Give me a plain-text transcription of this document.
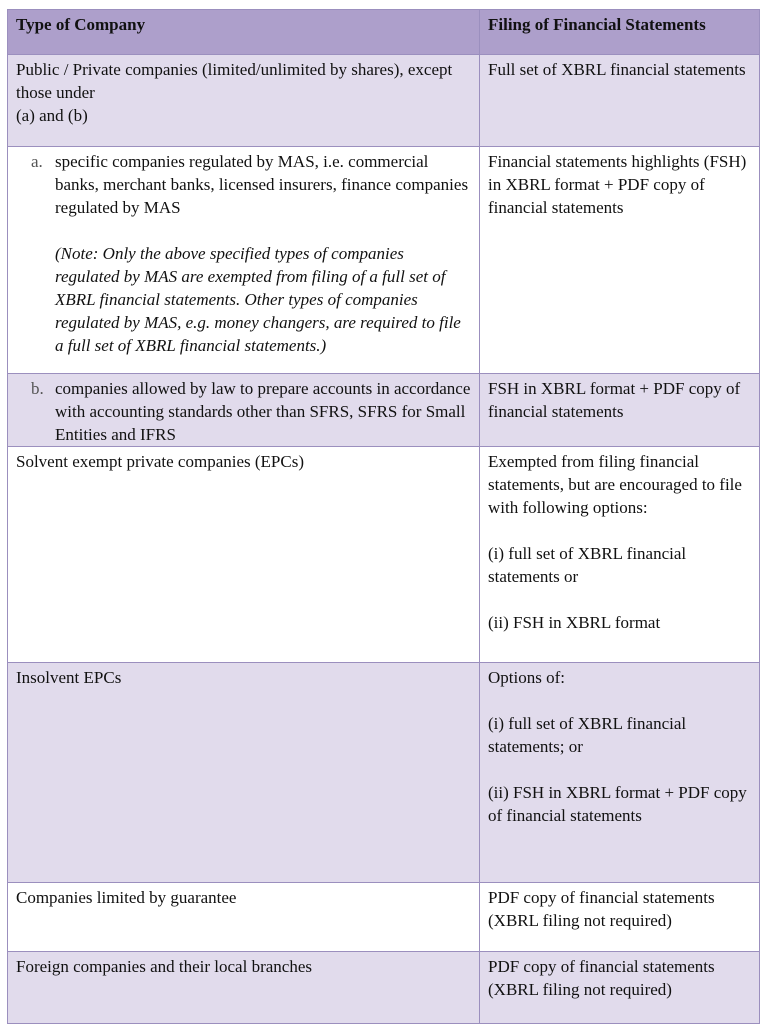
Type of Company	Filing of Financial Statements

Public / Private companies (limited/unlimited by shares), except those under
(a) and (b)	Full set of XBRL financial statements

a. specific companies regulated by MAS, i.e. commercial banks, merchant banks, licensed insurers, finance companies regulated by MAS
(Note: Only the above specified types of companies regulated by MAS are exempted from filing of a full set of XBRL financial statements. Other types of companies regulated by MAS, e.g. money changers, are required to file a full set of XBRL financial statements.)	Financial statements highlights (FSH) in XBRL format + PDF copy of financial statements

b. companies allowed by law to prepare accounts in accordance with accounting standards other than SFRS, SFRS for Small Entities and IFRS	FSH in XBRL format + PDF copy of financial statements

Solvent exempt private companies (EPCs)	Exempted from filing financial statements, but are encouraged to file with following options:
(i) full set of XBRL financial statements or
(ii) FSH in XBRL format

Insolvent EPCs	Options of:
(i) full set of XBRL financial statements; or
(ii) FSH in XBRL format + PDF copy of financial statements

Companies limited by guarantee	PDF copy of financial statements
(XBRL filing not required)

Foreign companies and their local branches	PDF copy of financial statements
(XBRL filing not required)
